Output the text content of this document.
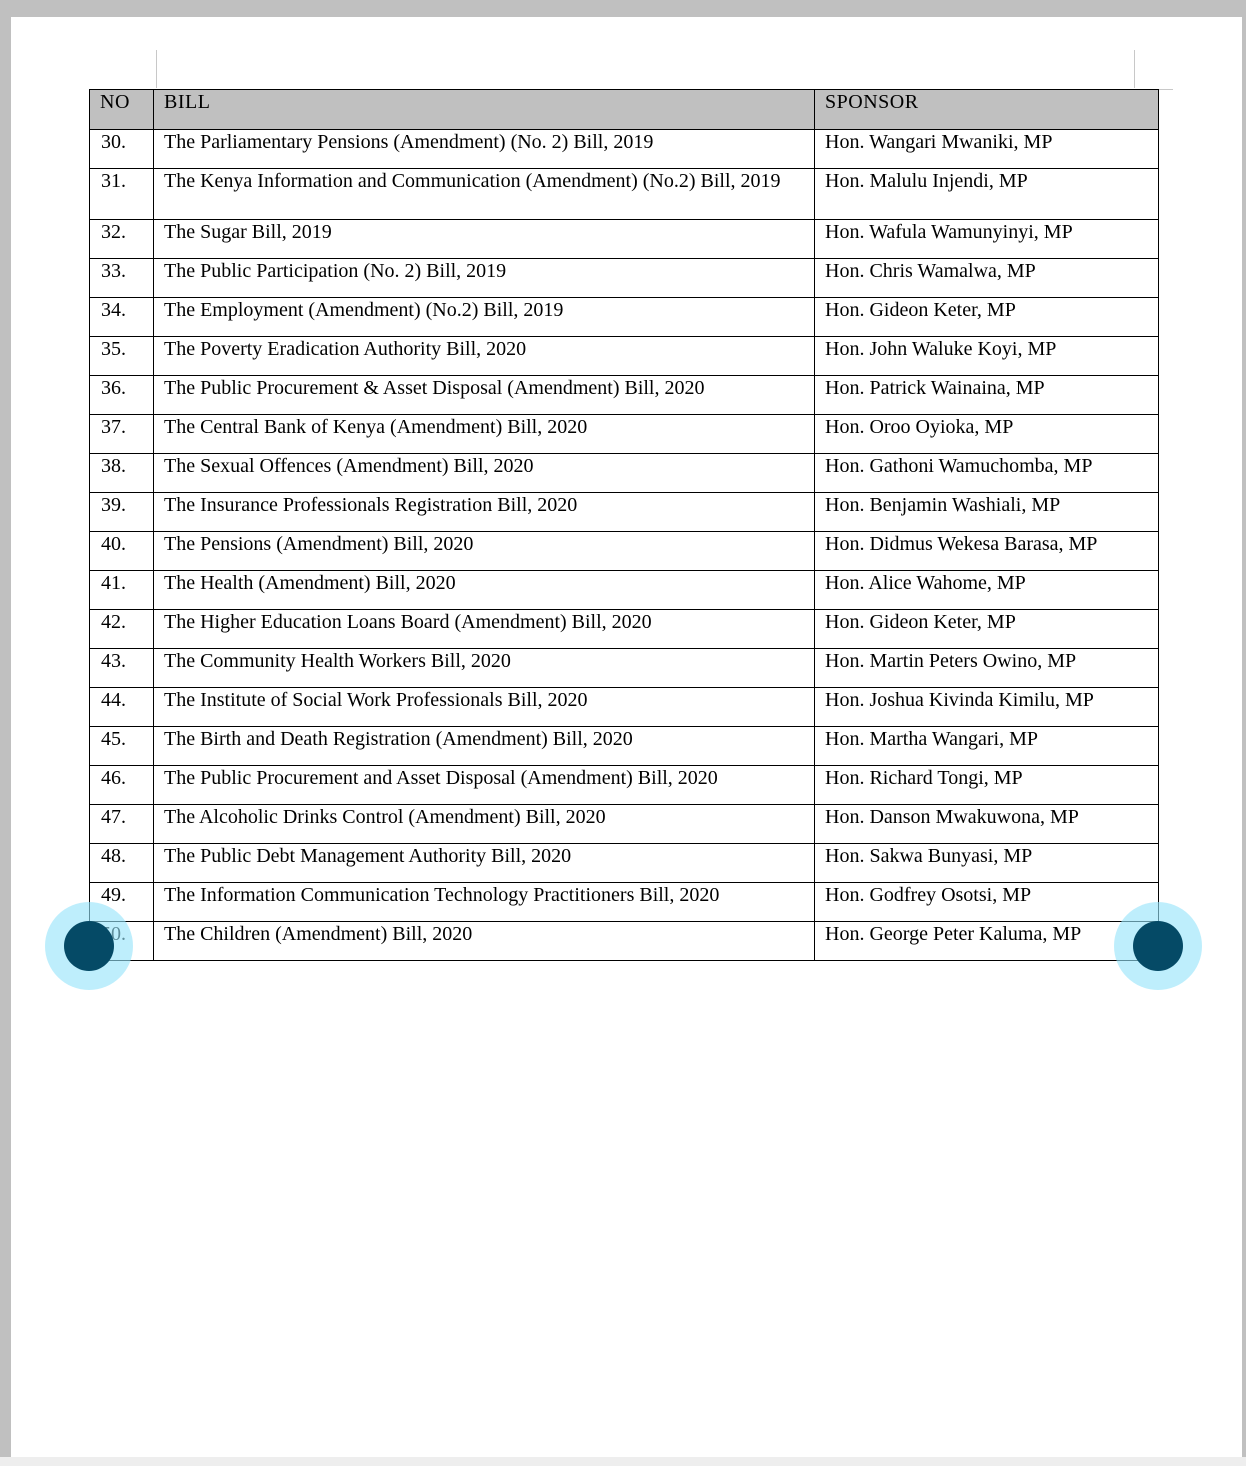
NO	BILL	SPONSOR
30.	The Parliamentary Pensions (Amendment) (No. 2) Bill, 2019	Hon. Wangari Mwaniki, MP
31.	The Kenya Information and Communication (Amendment) (No.2) Bill, 2019	Hon. Malulu Injendi, MP
32.	The Sugar Bill, 2019	Hon. Wafula Wamunyinyi, MP
33.	The Public Participation (No. 2) Bill, 2019	Hon. Chris Wamalwa, MP
34.	The Employment (Amendment) (No.2) Bill, 2019	Hon. Gideon Keter, MP
35.	The Poverty Eradication Authority Bill, 2020	Hon. John Waluke Koyi, MP
36.	The Public Procurement & Asset Disposal (Amendment) Bill, 2020	Hon. Patrick Wainaina, MP
37.	The Central Bank of Kenya (Amendment) Bill, 2020	Hon. Oroo Oyioka, MP
38.	The Sexual Offences (Amendment) Bill, 2020	Hon. Gathoni Wamuchomba, MP
39.	The Insurance Professionals Registration Bill, 2020	Hon. Benjamin Washiali, MP
40.	The Pensions (Amendment) Bill, 2020	Hon. Didmus Wekesa Barasa, MP
41.	The Health (Amendment) Bill, 2020	Hon. Alice Wahome, MP
42.	The Higher Education Loans Board (Amendment) Bill, 2020	Hon. Gideon Keter, MP
43.	The Community Health Workers Bill, 2020	Hon. Martin Peters Owino, MP
44.	The Institute of Social Work Professionals Bill, 2020	Hon. Joshua Kivinda Kimilu, MP
45.	The Birth and Death Registration (Amendment) Bill, 2020	Hon. Martha Wangari, MP
46.	The Public Procurement and Asset Disposal (Amendment) Bill, 2020	Hon. Richard Tongi, MP
47.	The Alcoholic Drinks Control (Amendment) Bill, 2020	Hon. Danson Mwakuwona, MP
48.	The Public Debt Management Authority Bill, 2020	Hon. Sakwa Bunyasi, MP
49.	The Information Communication Technology Practitioners Bill, 2020	Hon. Godfrey Osotsi, MP
	The Children (Amendment) Bill, 2020	Hon. George Peter Kaluma, MP
